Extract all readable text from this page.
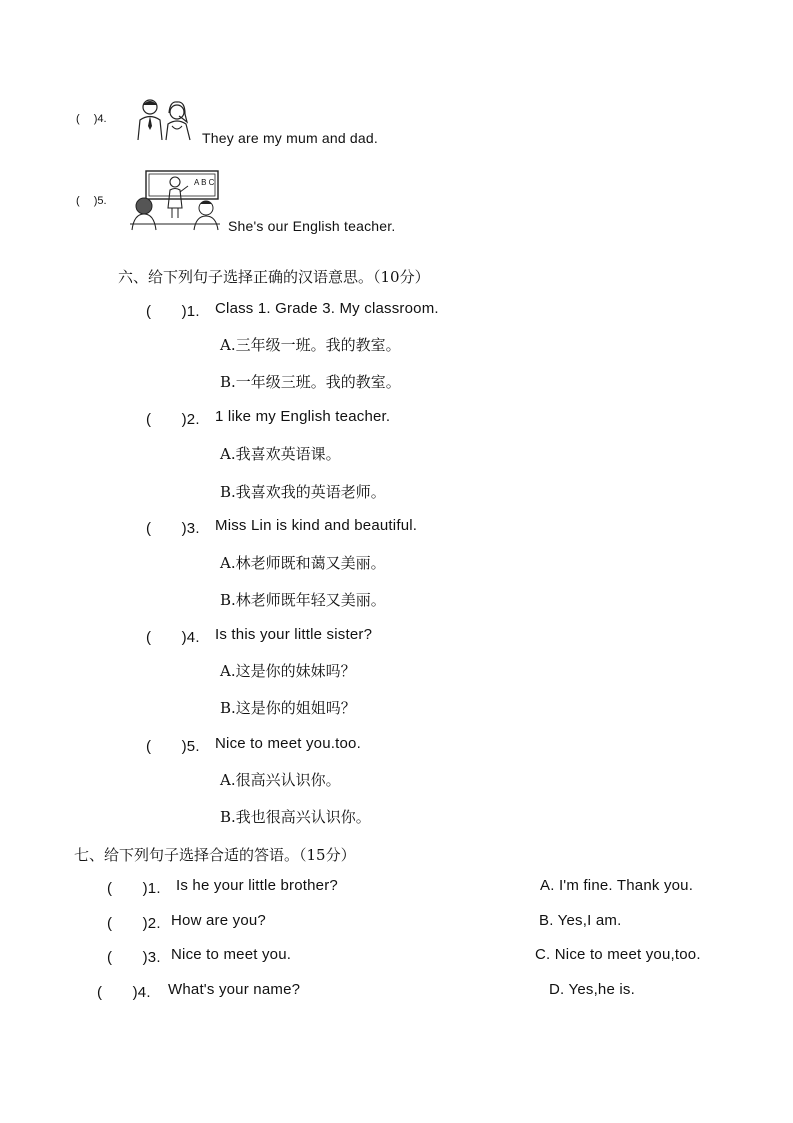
(　 )4.
They are my mum and dad.
(　 )5.
A B C
She's our English teacher.
六、给下列句子选择正确的汉语意思。（10分）
(　　)1. Class 1. Grade 3. My classroom.
A.三年级一班。我的教室。
B.一年级三班。我的教室。
(　　)2. 1 like my English teacher.
A.我喜欢英语课。
B.我喜欢我的英语老师。
(　　)3. Miss Lin is kind and beautiful.
A.林老师既和蔼又美丽。
B.林老师既年轻又美丽。
(　　)4. Is this your little sister?
A.这是你的妹妹吗？
B.这是你的姐姐吗？
(　　)5. Nice to meet you.too.
A.很高兴认识你。
B.我也很高兴认识你。
七、给下列句子选择合适的答语。（15分）
(　　)1. Is he your little brother?	A. I'm fine. Thank you.
(　　)2. How are you?	B. Yes,I am.
(　　)3. Nice to meet you.	C. Nice to meet you,too.
(　　)4. What's your name?	D. Yes,he is.
